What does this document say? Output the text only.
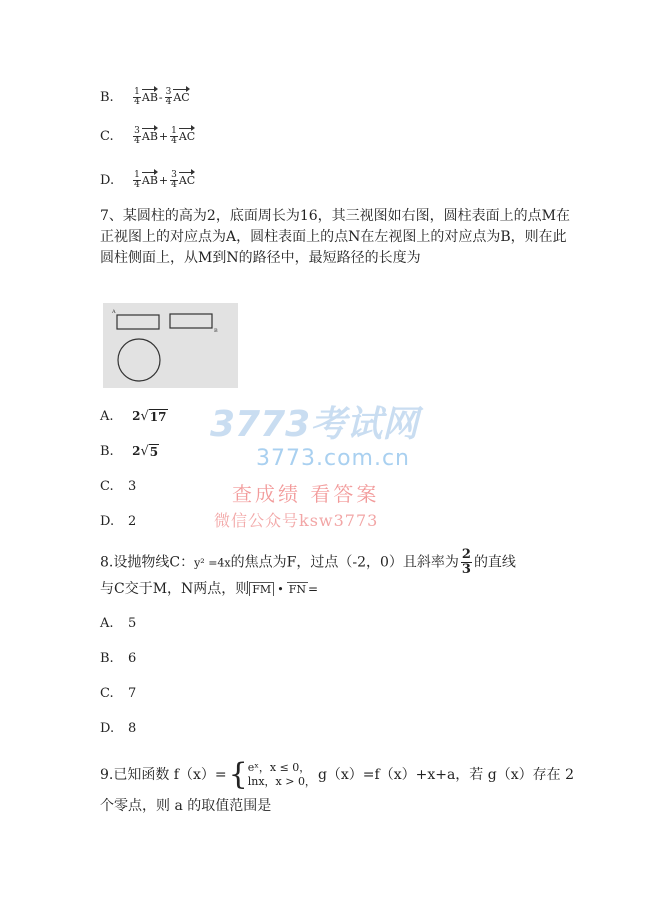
B. $\frac{1}{4} AB- \frac{3}{4}$ AC
C. $\frac{3}{4} AB+ \frac{1}{4}$ AC
D. $\frac{1}{4} AB+ \frac{3}{4}$ AC
7、某圆柱的高为2，底面周长为16，其三视图如右图，圆柱表面上的点M在正视图上的对应点为A，圆柱表面上的点N在左视图上的对应点为B，则在此圆柱侧面上，从M到N的路径中，最短路径的长度为
A
B
A. 2 √ 17
B. 2 √ 5
C. 3
D. 2
3773考试网
3773.com.cn
查成绩 看答案
微信公众号ksw3773
8.设抛物线C：y² =4x的焦点为F，过点（-2，0）且斜率为 $\frac{2}{3}$ 的直线
与C交于M，N两点，则 FM • FN =
A. 5
B. 6
C. 7
D. 8
9.已知函数 f（x）= { eˣ，x ≤ 0，
lnx，x > 0， g（x）=f（x）+x+a，若 g（x）存在 2
个零点，则 a 的取值范围是
